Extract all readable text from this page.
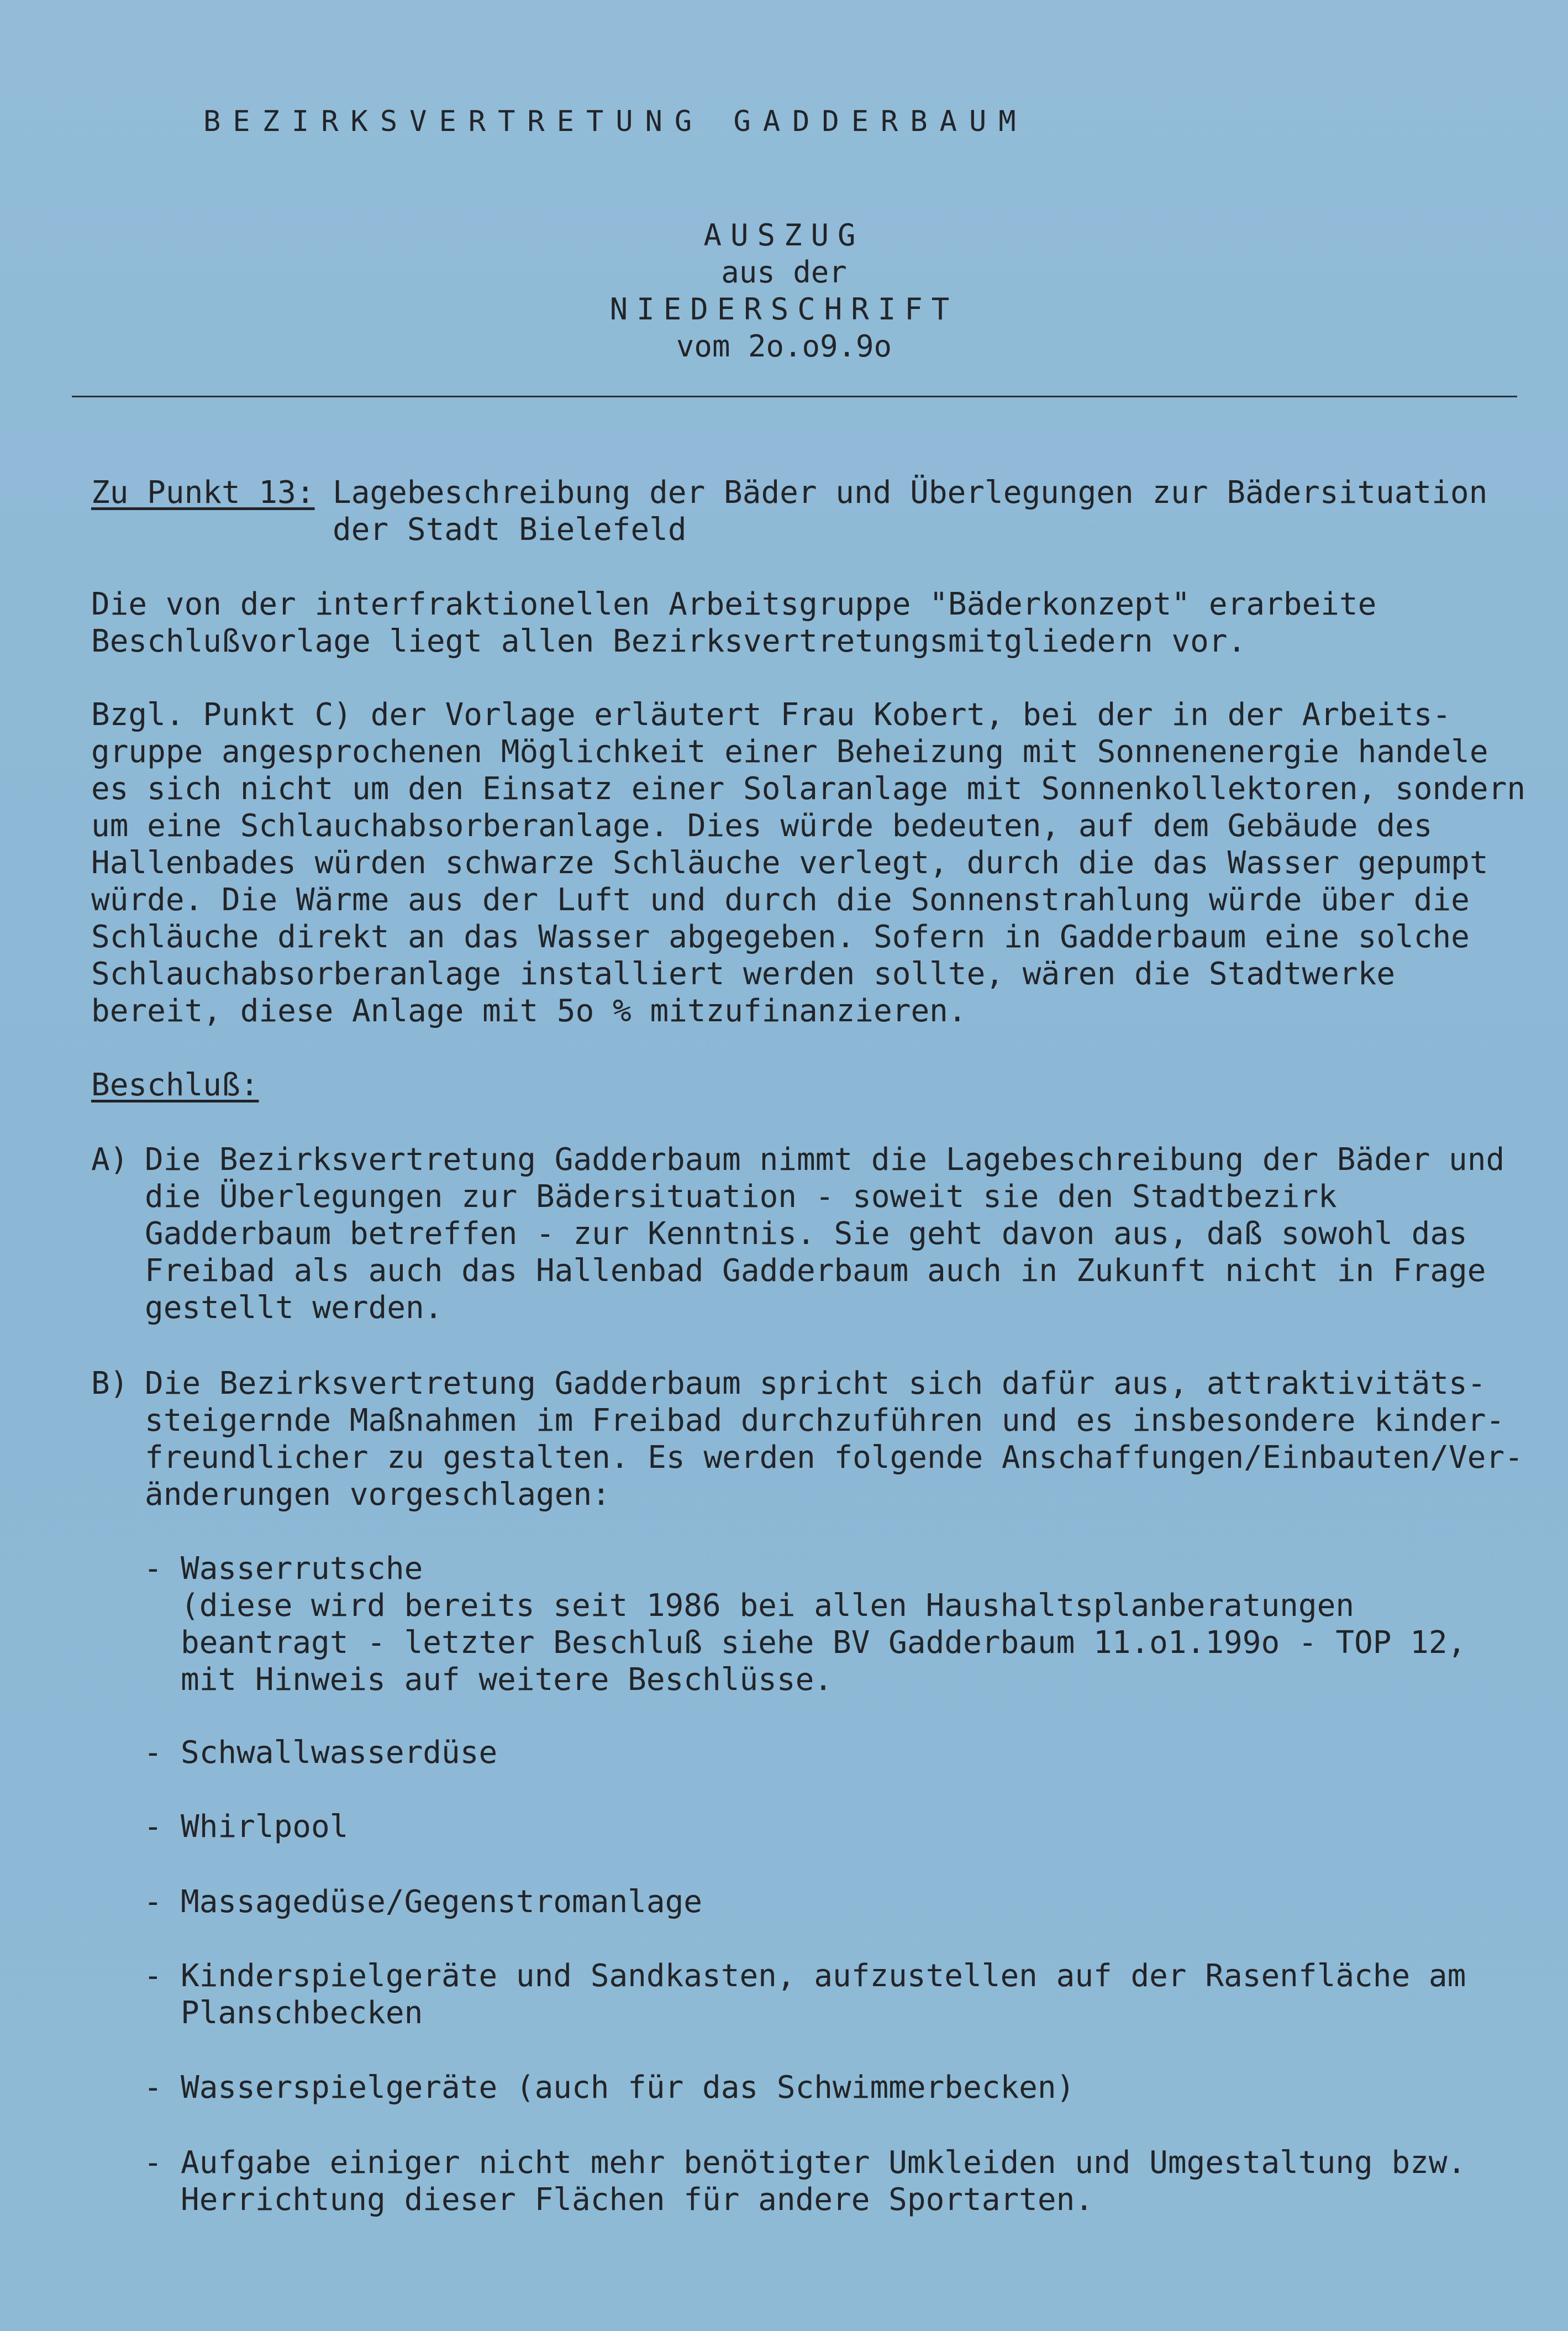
BEZIRKSVERTRETUNG GADDERBAUM
AUSZUG
aus der
NIEDERSCHRIFT
vom 2o.o9.9o
Zu Punkt 13: Lagebeschreibung der Bäder und Überlegungen zur Bädersituation
der Stadt Bielefeld
Die von der interfraktionellen Arbeitsgruppe "Bäderkonzept" erarbeite
Beschlußvorlage liegt allen Bezirksvertretungsmitgliedern vor.
Bzgl. Punkt C) der Vorlage erläutert Frau Kobert, bei der in der Arbeits-
gruppe angesprochenen Möglichkeit einer Beheizung mit Sonnenenergie handele
es sich nicht um den Einsatz einer Solaranlage mit Sonnenkollektoren, sondern
um eine Schlauchabsorberanlage. Dies würde bedeuten, auf dem Gebäude des
Hallenbades würden schwarze Schläuche verlegt, durch die das Wasser gepumpt
würde. Die Wärme aus der Luft und durch die Sonnenstrahlung würde über die
Schläuche direkt an das Wasser abgegeben. Sofern in Gadderbaum eine solche
Schlauchabsorberanlage installiert werden sollte, wären die Stadtwerke
bereit, diese Anlage mit 5o % mitzufinanzieren.
Beschluß:
A) Die Bezirksvertretung Gadderbaum nimmt die Lagebeschreibung der Bäder und
die Überlegungen zur Bädersituation - soweit sie den Stadtbezirk
Gadderbaum betreffen - zur Kenntnis. Sie geht davon aus, daß sowohl das
Freibad als auch das Hallenbad Gadderbaum auch in Zukunft nicht in Frage
gestellt werden.
B) Die Bezirksvertretung Gadderbaum spricht sich dafür aus, attraktivitäts-
steigernde Maßnahmen im Freibad durchzuführen und es insbesondere kinder-
freundlicher zu gestalten. Es werden folgende Anschaffungen/Einbauten/Ver-
änderungen vorgeschlagen:
- Wasserrutsche
(diese wird bereits seit 1986 bei allen Haushaltsplanberatungen
beantragt - letzter Beschluß siehe BV Gadderbaum 11.o1.199o - TOP 12,
mit Hinweis auf weitere Beschlüsse.
- Schwallwasserdüse
- Whirlpool
- Massagedüse/Gegenstromanlage
- Kinderspielgeräte und Sandkasten, aufzustellen auf der Rasenfläche am
Planschbecken
- Wasserspielgeräte (auch für das Schwimmerbecken)
- Aufgabe einiger nicht mehr benötigter Umkleiden und Umgestaltung bzw.
Herrichtung dieser Flächen für andere Sportarten.
